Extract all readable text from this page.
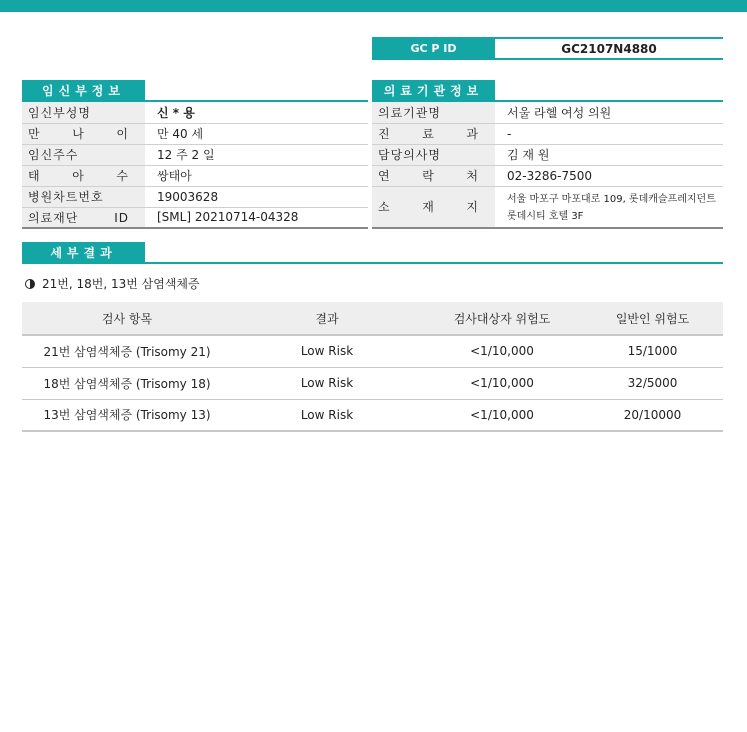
GC P ID	GC2107N4880
임신부정보	의료기관정보
임신부성명	신 * 용
만 나 이	만 40 세
임신주수	12 주 2 일
태 아 수	쌍태아
병원차트번호	19003628
의료재단 ID	[SML] 20210714-04328
의료기관명	서울 라헬 여성 의원
진 료 과	-
담당의사명	김 재 원
연 락 처	02-3286-7500
소 재 지	서울 마포구 마포대로 109, 롯데캐슬프레지던트 롯데시티 호텔 3F
세부결과
21번, 18번, 13번 삼염색체증
검사 항목	결과	검사대상자 위험도	일반인 위험도
21번 삼염색체증 (Trisomy 21)	Low Risk	<1/10,000	15/1000
18번 삼염색체증 (Trisomy 18)	Low Risk	<1/10,000	32/5000
13번 삼염색체증 (Trisomy 13)	Low Risk	<1/10,000	20/10000
